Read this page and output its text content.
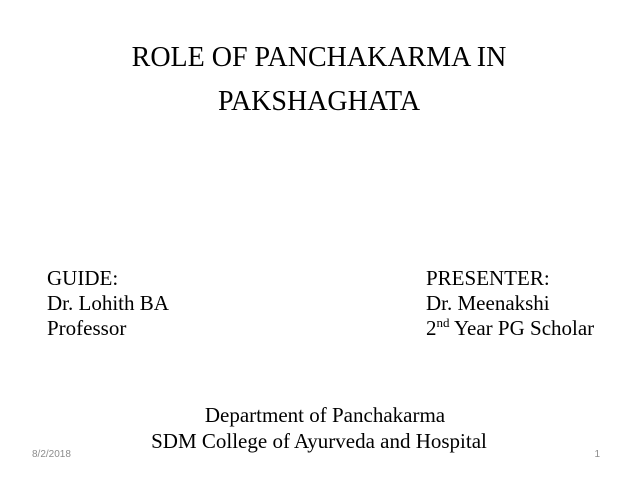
ROLE OF PANCHAKARMA IN
PAKSHAGHATA
GUIDE:
Dr. Lohith BA
Professor
PRESENTER:
Dr. Meenakshi
2nd Year PG Scholar
Department of Panchakarma
SDM College of Ayurveda and Hospital
8/2/2018	1
